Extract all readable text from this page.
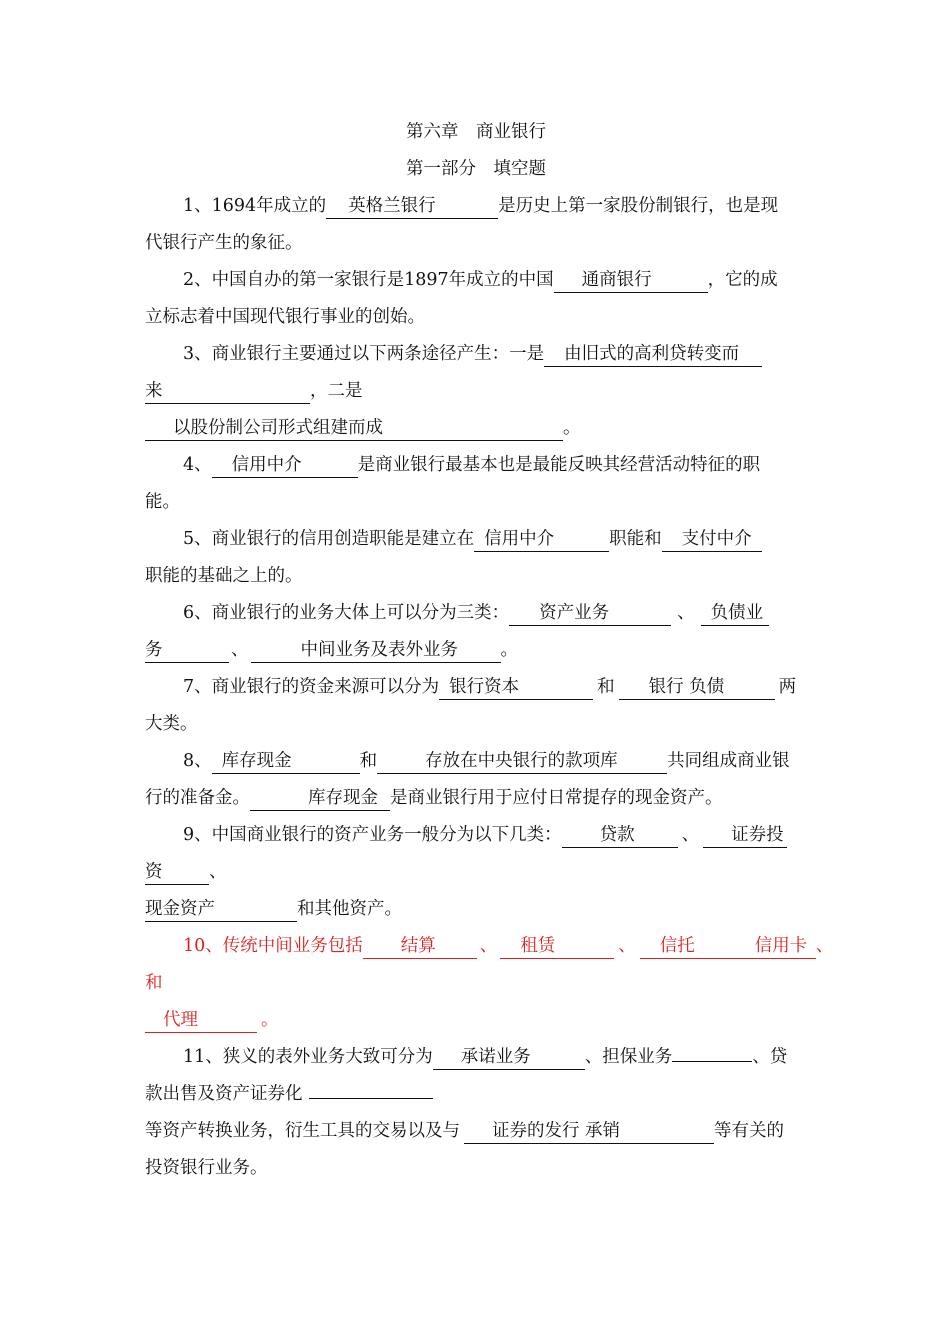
第六章　商业银行
第一部分　填空题
1、1694年成立的 英格兰银行	是历史上第一家股份制银行，也是现
代银行产生的象征。
2、中国自办的第一家银行是1897年成立的中国 通商银行	，它的成
立标志着中国现代银行事业的创始。
3、商业银行主要通过以下两条途径产生：一是 由旧式的高利贷转变而
来	，二是
以股份制公司形式组建而成	。
4、 信用中介	是商业银行最基本也是最能反映其经营活动特征的职
能。
5、商业银行的信用创造职能是建立在 信用中介	职能和 支付中介
职能的基础之上的。
6、商业银行的业务大体上可以分为三类： 资产业务	、 负债业
务	、	中间业务及表外业务 。
7、商业银行的资金来源可以分为 银行资本	和 银行 负债	两
大类。
8、 库存现金	和	存放在中央银行的款项库	共同组成商业银
行的准备金。	库存现金 是商业银行用于应付日常提存的现金资产。
9、中国商业银行的资产业务一般分为以下几类： 贷款	、 证券投
资	、
现金资产	和其他资产。
10、传统中间业务包括 结算	、 租赁	、 信托	信用卡 、
和
代理	。
11、狭义的表外业务大致可分为 承诺业务	、担保业务	、贷
款出售及资产证券化
等资产转换业务，衍生工具的交易以及与 证券的发行 承销	等有关的
投资银行业务。
